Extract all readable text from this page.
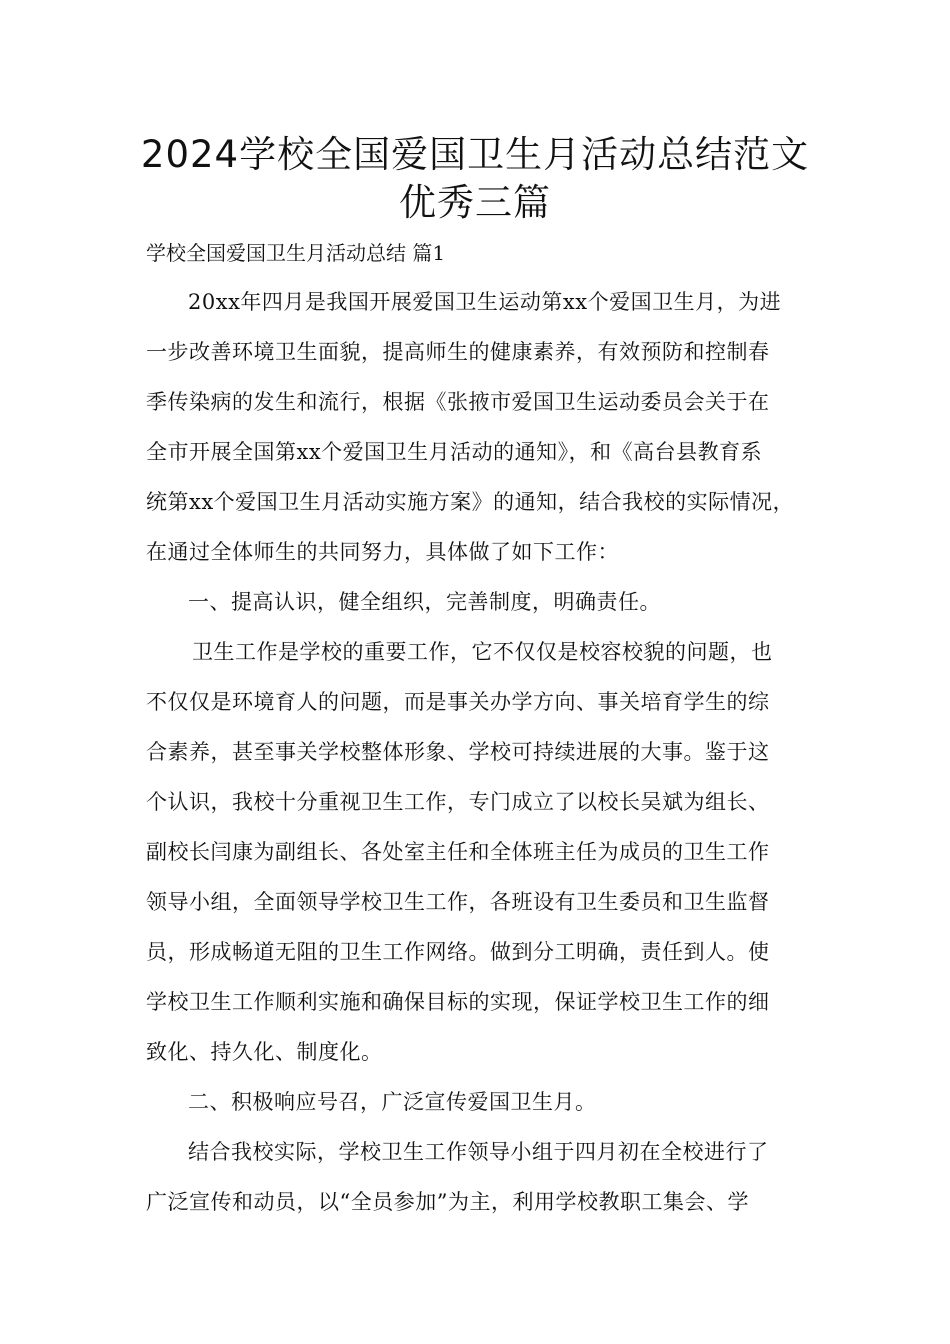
2024学校全国爱国卫生月活动总结范文
优秀三篇
学校全国爱国卫生月活动总结 篇1
20xx年四月是我国开展爱国卫生运动第xx个爱国卫生月，为进
一步改善环境卫生面貌，提高师生的健康素养，有效预防和控制春
季传染病的发生和流行，根据《张掖市爱国卫生运动委员会关于在
全市开展全国第xx个爱国卫生月活动的通知》，和《高台县教育系
统第xx个爱国卫生月活动实施方案》的通知，结合我校的实际情况，
在通过全体师生的共同努力，具体做了如下工作：
一、提高认识，健全组织，完善制度，明确责任。
卫生工作是学校的重要工作，它不仅仅是校容校貌的问题，也
不仅仅是环境育人的问题，而是事关办学方向、事关培育学生的综
合素养，甚至事关学校整体形象、学校可持续进展的大事。鉴于这
个认识，我校十分重视卫生工作，专门成立了以校长吴斌为组长、
副校长闫康为副组长、各处室主任和全体班主任为成员的卫生工作
领导小组，全面领导学校卫生工作，各班设有卫生委员和卫生监督
员，形成畅道无阻的卫生工作网络。做到分工明确，责任到人。使
学校卫生工作顺利实施和确保目标的实现，保证学校卫生工作的细
致化、持久化、制度化。
二、积极响应号召，广泛宣传爱国卫生月。
结合我校实际，学校卫生工作领导小组于四月初在全校进行了
广泛宣传和动员，以“全员参加”为主，利用学校教职工集会、学
